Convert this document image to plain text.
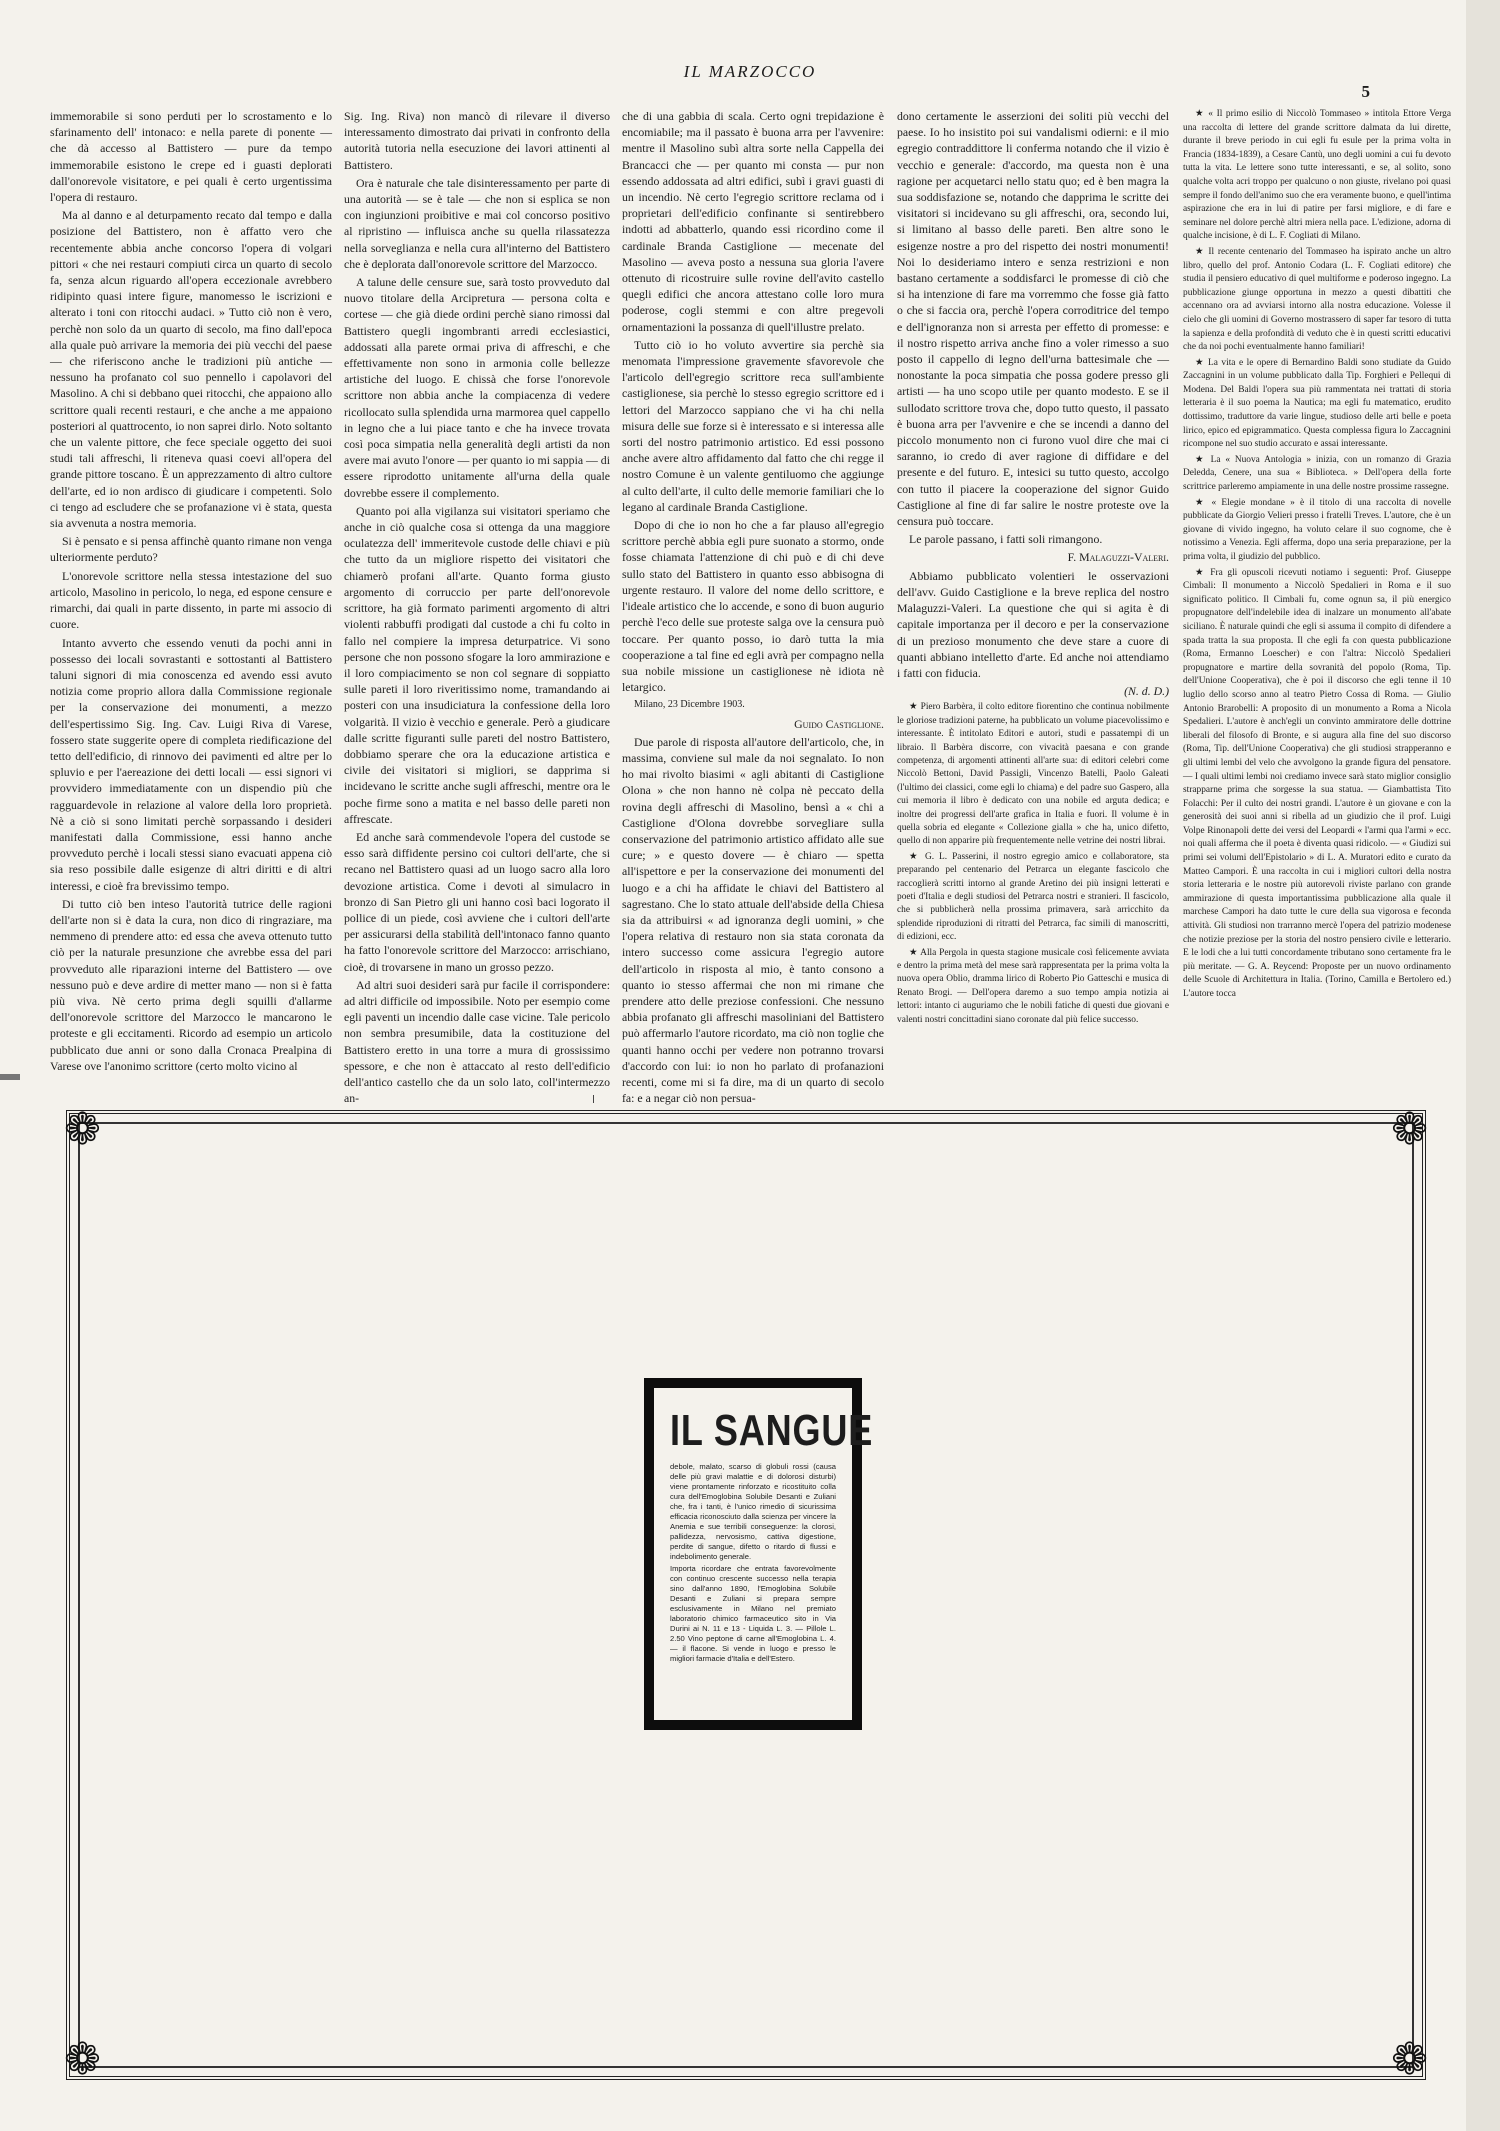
IL MARZOCCO
5

immemorabile si sono perduti per lo scrostamento e lo sfarinamento dell' intonaco: e nella parete di ponente — che dà accesso al Battistero — pure da tempo immemorabile esistono le crepe ed i guasti deplorati dall'onorevole visitatore, e pei quali è certo urgentissima l'opera di restauro.

Ma al danno e al deturpamento recato dal tempo e dalla posizione del Battistero, non è affatto vero che recentemente abbia anche concorso l'opera di volgari pittori « che nei restauri compiuti circa un quarto di secolo fa, senza alcun riguardo all'opera eccezionale avrebbero ridipinto quasi intere figure, manomesso le iscrizioni e alterato i toni con ritocchi audaci. » Tutto ciò non è vero, perchè non solo da un quarto di secolo, ma fino dall'epoca alla quale può arrivare la memoria dei più vecchi del paese — che riferiscono anche le tradizioni più antiche — nessuno ha profanato col suo pennello i capolavori del Masolino. A chi si debbano quei ritocchi, che appaiono allo scrittore quali recenti restauri, e che anche a me appaiono posteriori al quattrocento, io non saprei dirlo. Noto soltanto che un valente pittore, che fece speciale oggetto dei suoi studi tali affreschi, li ritenevа quasi coevi all'opera del grande pittore toscano. È un apprezzamento di altro cultore dell'arte, ed io non ardisco di giudicare i competenti. Solo ci tengo ad escludere che se profanazione vi è stata, questa sia avvenuta a nostra memoria.

Si è pensato e si pensa affinchè quanto rimane non venga ulteriormente perduto?

L'onorevole scrittore nella stessa intestazione del suo articolo, Masolino in pericolo, lo nega, ed espone censure e rimarchi, dai quali in parte dissento, in parte mi associo di cuore.

Intanto avverto che essendo venuti da pochi anni in possesso dei locali sovrastanti e sottostanti al Battistero taluni signori di mia conoscenza ed avendo essi avuto notizia come proprio allora dalla Commissione regionale per la conservazione dei monumenti, a mezzo dell'espertissimo Sig. Ing. Cav. Luigi Riva di Varese, fossero state suggerite opere di completa riedificazione del tetto dell'edificio, di rinnovo dei pavimenti ed altre per lo spluvio e per l'aereazione dei detti locali — essi signori vi provvidero immediatamente con un dispendio più che ragguardevole in relazione al valore della loro proprietà. Nè a ciò si sono limitati perchè sorpassando i desideri manifestati dalla Commissione, essi hanno anche provveduto perchè i locali stessi siano evacuati appena ciò sia reso possibile dalle esigenze di altri diritti e di altri interessi, e cioè fra brevissimo tempo.

Di tutto ciò ben inteso l'autorità tutrice delle ragioni dell'arte non si è data la cura, non dico di ringraziare, ma nemmeno di prendere atto: ed essa che aveva ottenuto tutto ciò per la naturale presunzione che avrebbe essa del pari provveduto alle riparazioni interne del Battistero — ove nessuno può e deve ardire di metter mano — non si è fatta più viva. Nè certo prima degli squilli d'allarme dell'onorevole scrittore del Marzocco le mancarono le proteste e gli eccitamenti. Ricordo ad esempio un articolo pubblicato due anni or sono dalla Cronaca Prealpina di Varese ove l'anonimo scrittore (certo molto vicino al

Sig. Ing. Riva) non mancò di rilevare il diverso interessamento dimostrato dai privati in confronto della autorità tutoria nella esecuzione dei lavori attinenti al Battistero.

Ora è naturale che tale disinteressamento per parte di una autorità — se è tale — che non si esplica se non con ingiunzioni proibitive e mai col concorso positivo al ripristino — influisca anche su quella rilassatezza nella sorveglianza e nella cura all'interno del Battistero che è deplorata dall'onorevole scrittore del Marzocco.

A talune delle censure sue, sarà tosto provveduto dal nuovo titolare della Arcipretura — persona colta e cortese — che già diede ordini perchè siano rimossi dal Battistero quegli ingombranti arredi ecclesiastici, addossati alla parete ormai priva di affreschi, e che effettivamente non sono in armonia colle bellezze artistiche del luogo. E chissà che forse l'onorevole scrittore non abbia anche la compiacenza di vedere ricollocato sulla splendida urna marmorea quel cappello in legno che a lui piace tanto e che ha invece trovata così poca simpatia nella generalità degli artisti da non avere mai avuto l'onore — per quanto io mi sappia — di essere riprodotto unitamente all'urna della quale dovrebbe essere il complemento.

Quanto poi alla vigilanza sui visitatori speriamo che anche in ciò qualche cosa si ottenga da una maggiore oculatezza dell' immeritevole custode delle chiavi e più che tutto da un migliore rispetto dei visitatori che chiamerò profani all'arte. Quanto forma giusto argomento di corruccio per parte dell'onorevole scrittore, ha già formato parimenti argomento di altri violenti rabbuffi prodigati dal custode a chi fu colto in fallo nel compiere la impresa deturpatrice. Vi sono persone che non possono sfogare la loro ammirazione e il loro compiacimento se non col segnare di soppiatto sulle pareti il loro riveritissimo nome, tramandando ai posteri con una insudiciatura la confessione della loro volgarità. Il vizio è vecchio e generale. Però a giudicare dalle scritte figuranti sulle pareti del nostro Battistero, dobbiamo sperare che ora la educazione artistica e civile dei visitatori si migliori, se dapprima si incidevano le scritte anche sugli affreschi, mentre ora le poche firme sono a matita e nel basso delle pareti non affrescate.

Ed anche sarà commendevole l'opera del custode se esso sarà diffidente persino coi cultori dell'arte, che si recano nel Battistero quasi ad un luogo sacro alla loro devozione artistica. Come i devoti al simulacro in bronzo di San Pietro gli uni hanno così baci logorato il pollice di un piede, così avviene che i cultori dell'arte per assicurarsi della stabilità dell'intonaco fanno quanto ha fatto l'onorevole scrittore del Marzocco: arrischiano, cioè, di trovarsene in mano un grosso pezzo.

Ad altri suoi desideri sarà pur facile il corrispondere: ad altri difficile od impossibile. Noto per esempio come egli paventi un incendio dalle case vicine. Tale pericolo non sembra presumibile, data la costituzione del Battistero eretto in una torre a mura di grossissimo spessore, e che non è attaccato al resto dell'edificio dell'antico castello che da un solo lato, coll'intermezzo an-

che di una gabbia di scala. Certo ogni trepidazione è encomiabile; ma il passato è buona arra per l'avvenire: mentre il Masolino subì altra sorte nella Cappella dei Brancacci che — per quanto mi consta — pur non essendo addossata ad altri edifici, subì i gravi guasti di un incendio. Nè certo l'egregio scrittore reclama od i proprietari dell'edificio confinante si sentirebbero indotti ad abbatterlo, quando essi ricordino come il cardinale Branda Castiglione — mecenate del Masolino — aveva posto a nessuna sua gloria l'avere ottenuto di ricostruire sulle rovine dell'avito castello quegli edifici che ancora attestano colle loro mura poderose, cogli stemmi e con altre pregevoli ornamentazioni la possanza di quell'illustre prelato.

Tutto ciò io ho voluto avvertire sia perchè sia menomata l'impressione gravemente sfavorevole che l'articolo dell'egregio scrittore reca sull'ambiente castiglionese, sia perchè lo stesso egregio scrittore ed i lettori del Marzocco sappiano che vi ha chi nella misura delle sue forze si è interessato e si interessa alle sorti del nostro patrimonio artistico. Ed essi possono anche avere altro affidamento dal fatto che chi regge il nostro Comune è un valente gentiluomo che aggiunge al culto dell'arte, il culto delle memorie familiari che lo legano al cardinale Branda Castiglione.

Dopo di che io non ho che a far plauso all'egregio scrittore perchè abbia egli pure suonato a stormo, onde fosse chiamata l'attenzione di chi può e di chi deve sullo stato del Battistero in quanto esso abbisogna di urgente restauro. Il valore del nome dello scrittore, e l'ideale artistico che lo accende, e sono di buon augurio perchè l'eco delle sue proteste salga ove la censura può toccare. Per quanto posso, io darò tutta la mia cooperazione a tal fine ed egli avrà per compagno nella sua nobile missione un castiglionese nè idiota nè letargico.

Milano, 23 Dicembre 1903.

Guido Castiglione.

Due parole di risposta all'autore dell'articolo, che, in massima, conviene sul male da noi segnalato. Io non ho mai rivolto biasimi « agli abitanti di Castiglione Olona » che non hanno nè colpa nè peccato della rovina degli affreschi di Masolino, bensì a « chi a Castiglione d'Olona dovrebbe sorvegliare sulla conservazione del patrimonio artistico affidato alle sue cure; » e questo dovere — è chiaro — spetta all'ispettore e per la conservazione dei monumenti del luogo e a chi ha affidate le chiavi del Battistero al sagrestano. Che lo stato attuale dell'abside della Chiesa sia da attribuirsi « ad ignoranza degli uomini, » che l'opera relativa di restauro non sia stata coronata da intero successo come assicura l'egregio autore dell'articolo in risposta al mio, è tanto consono a quanto io stesso affermai che non mi rimane che prendere atto delle preziose confessioni. Che nessuno abbia profanato gli affreschi masoliniani del Battistero può affermarlo l'autore ricordato, ma ciò non toglie che quanti hanno occhi per vedere non potranno trovarsi d'accordo con lui: io non ho parlato di profanazioni recenti, come mi si fa dire, ma di un quarto di secolo fa: e a negar ciò non persua-

dono certamente le asserzioni dei soliti più vecchi del paese. Io ho insistito poi sui vandalismi odierni: e il mio egregio contraddittore li conferma notando che il vizio è vecchio e generale: d'accordo, ma questa non è una ragione per acquetarci nello statu quo; ed è ben magra la sua soddisfazione se, notando che dapprima le scritte dei visitatori si incidevano su gli affreschi, ora, secondo lui, si limitano al basso delle pareti. Ben altre sono le esigenze nostre a pro del rispetto dei nostri monumenti! Noi lo desideriamo intero e senza restrizioni e non bastano certamente a soddisfarci le promesse di ciò che si ha intenzione di fare ma vorremmo che fosse già fatto o che si faccia ora, perchè l'opera corroditrice del tempo e dell'ignoranza non si arresta per effetto di promesse: e il nostro rispetto arriva anche fino a voler rimesso a suo posto il cappello di legno dell'urna battesimale che — nonostante la poca simpatia che possa godere presso gli artisti — ha uno scopo utile per quanto modesto. E se il sullodato scrittore trova che, dopo tutto questo, il passato è buona arra per l'avvenire e che se incendi a danno del piccolo monumento non ci furono vuol dire che mai ci saranno, io credo di aver ragione di diffidare e del presente e del futuro. E, intesici su tutto questo, accolgo con tutto il piacere la cooperazione del signor Guido Castiglione al fine di far salire le nostre proteste ove la censura può toccare.

Le parole passano, i fatti soli rimangono.

F. Malaguzzi-Valeri.

Abbiamo pubblicato volentieri le osservazioni dell'avv. Guido Castiglione e la breve replica del nostro Malaguzzi-Valeri. La questione che qui si agita è di capitale importanza per il decoro e per la conservazione di un prezioso monumento che deve stare a cuore di quanti abbiano intelletto d'arte. Ed anche noi attendiamo i fatti con fiducia.

(N. d. D.)

★ Piero Barbèra, il colto editore fiorentino che continua nobilmente le gloriose tradizioni paterne, ha pubblicato un volume piacevolissimo e interessante. È intitolato Editori e autori, studi e passatempi di un libraio. Il Barbèra discorre, con vivacità paesana e con grande competenza, di argomenti attinenti all'arte sua: di editori celebri come Niccolò Bettoni, David Passigli, Vincenzo Batelli, Paolo Galeati (l'ultimo dei classici, come egli lo chiama) e del padre suo Gaspero, alla cui memoria il libro è dedicato con una nobile ed arguta dedica; e inoltre dei progressi dell'arte grafica in Italia e fuori. Il volume è in quella sobria ed elegante « Collezione gialla » che ha, unico difetto, quello di non apparire più frequentemente nelle vetrine dei nostri librai.

★ G. L. Passerini, il nostro egregio amico e collaboratore, sta preparando pel centenario del Petrarca un elegante fascicolo che raccoglierà scritti intorno al grande Aretino dei più insigni letterati e poeti d'Italia e degli studiosi del Petrarca nostri e stranieri. Il fascicolo, che si pubblicherà nella prossima primavera, sarà arricchito da splendide riproduzioni di ritratti del Petrarca, fac simili di manoscritti, di edizioni, ecc.

★ Alla Pergola in questa stagione musicale così felicemente avviata e dentro la prima metà del mese sarà rappresentata per la prima volta la nuova opera Oblio, dramma lirico di Roberto Pio Gatteschi e musica di Renato Brogi. — Dell'opera daremo a suo tempo ampia notizia ai lettori: intanto ci auguriamo che le nobili fatiche di questi due giovani e valenti nostri concittadini siano coronate dal più felice successo.

★ « Il primo esilio di Niccolò Tommaseo » intitola Ettore Verga una raccolta di lettere del grande scrittore dalmata da lui dirette, durante il breve periodo in cui egli fu esule per la prima volta in Francia (1834-1839), a Cesare Cantù, uno degli uomini a cui fu devoto tutta la vita. Le lettere sono tutte interessanti, e se, al solito, sono qualche volta acri troppo per qualcuno o non giuste, rivelano poi quasi sempre il fondo dell'animo suo che era veramente buono, e quell'intima aspirazione che era in lui di patire per farsi migliore, e di fare e seminare nel dolore perchè altri miera nella pace. L'edizione, adorna di qualche incisione, è di L. F. Cogliati di Milano.

★ Il recente centenario del Tommaseo ha ispirato anche un altro libro, quello del prof. Antonio Codara (L. F. Cogliati editore) che studia il pensiero educativo di quel multiforme e poderoso ingegno. La pubblicazione giunge opportuna in mezzo a questi dibattiti che accennano ora ad avviarsi intorno alla nostra educazione. Volesse il cielo che gli uomini di Governo mostrassero di saper far tesoro di tutta la sapienza e della profondità di veduto che è in questi scritti educativi che da noi pochi eventualmente hanno familiari!

★ La vita e le opere di Bernardino Baldi sono studiate da Guido Zaccagnini in un volume pubblicato dalla Tip. Forghieri e Pellequi di Modena. Del Baldi l'opera sua più rammentata nei trattati di storia letteraria è il suo poema la Nautica; ma egli fu matematico, erudito dottissimo, traduttore da varie lingue, studioso delle arti belle e poeta lirico, epico ed epigrammatico. Questa complessa figura lo Zaccagnini ricompone nel suo studio accurato e assai interessante.

★ La « Nuova Antologia » inizia, con un romanzo di Grazia Deledda, Cenere, una sua « Biblioteca. » Dell'opera della forte scrittrice parleremo ampiamente in una delle nostre prossime rassegne.

★ « Elegie mondane » è il titolo di una raccolta di novelle pubblicate da Giorgio Velieri presso i fratelli Treves. L'autore, che è un giovane di vivido ingegno, ha voluto celare il suo cognome, che è notissimo a Venezia. Egli afferma, dopo una seria preparazione, per la prima volta, il giudizio del pubblico.

★ Fra gli opuscoli ricevuti notiamo i seguenti: Prof. Giuseppe Cimbali: Il monumento a Niccolò Spedalieri in Roma e il suo significato politico. Il Cimbali fu, come ognun sa, il più energico propugnatore dell'indelebile idea di inalzare un monumento all'abate siciliano. È naturale quindi che egli si assuma il compito di difendere a spada tratta la sua proposta. Il che egli fa con questa pubblicazione (Roma, Ermanno Loescher) e con l'altra: Niccolò Spedalieri propugnatore e martire della sovranità del popolo (Roma, Tip. dell'Unione Cooperativa), che è poi il discorso che egli tenne il 10 luglio dello scorso anno al teatro Pietro Cossa di Roma. — Giulio Antonio Brarobelli: A proposito di un monumento a Roma a Nicola Spedalieri. L'autore è anch'egli un convinto ammiratore delle dottrine liberali del filosofo di Bronte, e si augura alla fine del suo discorso (Roma, Tip. dell'Unione Cooperativa) che gli studiosi strapperanno e gli ultimi lembi del velo che avvolgono la grande figura del pensatore. — I quali ultimi lembi noi crediamo invece sarà stato miglior consiglio strapparne prima che sorgesse la sua statua. — Giambattista Tito Folacchi: Per il culto dei nostri grandi. L'autore è un giovane e con la generosità dei suoi anni si ribella ad un giudizio che il prof. Luigi Volpe Rinonapoli dette dei versi del Leopardi « l'armi qua l'armi » ecc. noi quali afferma che il poeta è diventa quasi ridicolo. — « Giudizi sui primi sei volumi dell'Epistolario » di L. A. Muratori edito e curato da Matteo Campori. È una raccolta in cui i migliori cultori della nostra storia letteraria e le nostre più autorevoli riviste parlano con grande ammirazione di questa importantissima pubblicazione alla quale il marchese Campori ha dato tutte le cure della sua vigorosa e feconda attività. Gli studiosi non trarranno mercè l'opera del patrizio modenese che notizie preziose per la storia del nostro pensiero civile e letterario. E le lodi che a lui tutti concordamente tributano sono certamente fra le più meritate. — G. A. Reycend: Proposte per un nuovo ordinamento delle Scuole di Architettura in Italia. (Torino, Camilla e Bertolero ed.) L'autore tocca

❁	❁
❁	❁
IL SANGUE

debole, malato, scarso di globuli rossi (causa delle più gravi malattie e di dolorosi disturbi) viene prontamente rinforzato e ricostituito colla cura dell'Emoglobina Solubile Desanti e Zuliani che, fra i tanti, è l'unico rimedio di sicurissima efficacia riconosciuto dalla scienza per vincere la Anemia e sue terribili conseguenze: la clorosi, pallidezza, nervosismo, cattiva digestione, perdite di sangue, difetto o ritardo di flussi e indebolimento generale.

Importa ricordare che entrata favorevolmente con continuo crescente successo nella terapia sino dall'anno 1890, l'Emoglobina Solubile Desanti e Zuliani si prepara sempre esclusivamente in Milano nel premiato laboratorio chimico farmaceutico sito in Via Durini ai N. 11 e 13 - Liquida L. 3. — Pillole L. 2.50 Vino peptone di carne all'Emoglobina L. 4. — il flacone. Si vende in luogo e presso le migliori farmacie d'Italia e dell'Estero.
